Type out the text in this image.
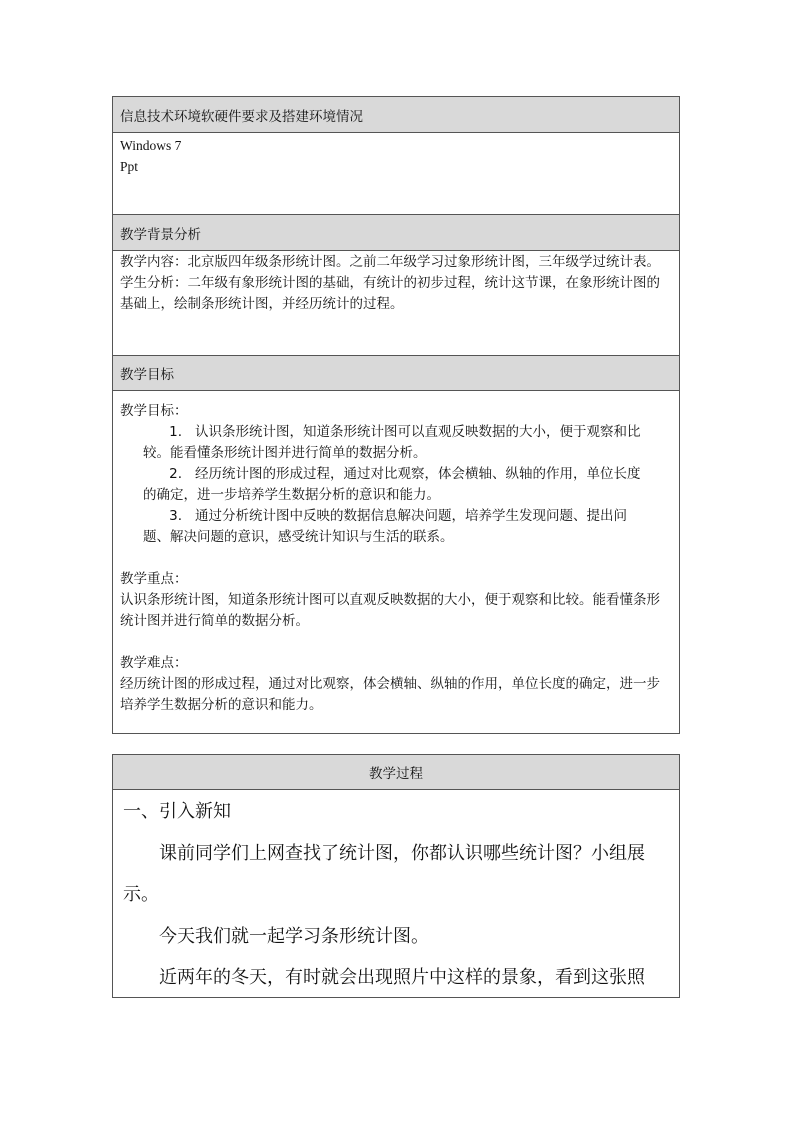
信息技术环境软硬件要求及搭建环境情况

Windows 7

Ppt

教学背景分析

教学内容：北京版四年级条形统计图。之前二年级学习过象形统计图，三年级学过统计表。

学生分析：二年级有象形统计图的基础，有统计的初步过程，统计这节课，在象形统计图的基础上，绘制条形统计图，并经历统计的过程。

教学目标

教学目标：

1. 认识条形统计图，知道条形统计图可以直观反映数据的大小，便于观察和比

较。能看懂条形统计图并进行简单的数据分析。

2. 经历统计图的形成过程，通过对比观察，体会横轴、纵轴的作用，单位长度

的确定，进一步培养学生数据分析的意识和能力。

3. 通过分析统计图中反映的数据信息解决问题，培养学生发现问题、提出问

题、解决问题的意识，感受统计知识与生活的联系。

教学重点：

认识条形统计图，知道条形统计图可以直观反映数据的大小，便于观察和比较。能看懂条形统计图并进行简单的数据分析。

教学难点：

经历统计图的形成过程，通过对比观察，体会横轴、纵轴的作用，单位长度的确定，进一步培养学生数据分析的意识和能力。

教学过程

一、引入新知

课前同学们上网查找了统计图，你都认识哪些统计图？小组展示。

今天我们就一起学习条形统计图。

近两年的冬天，有时就会出现照片中这样的景象，看到这张照
